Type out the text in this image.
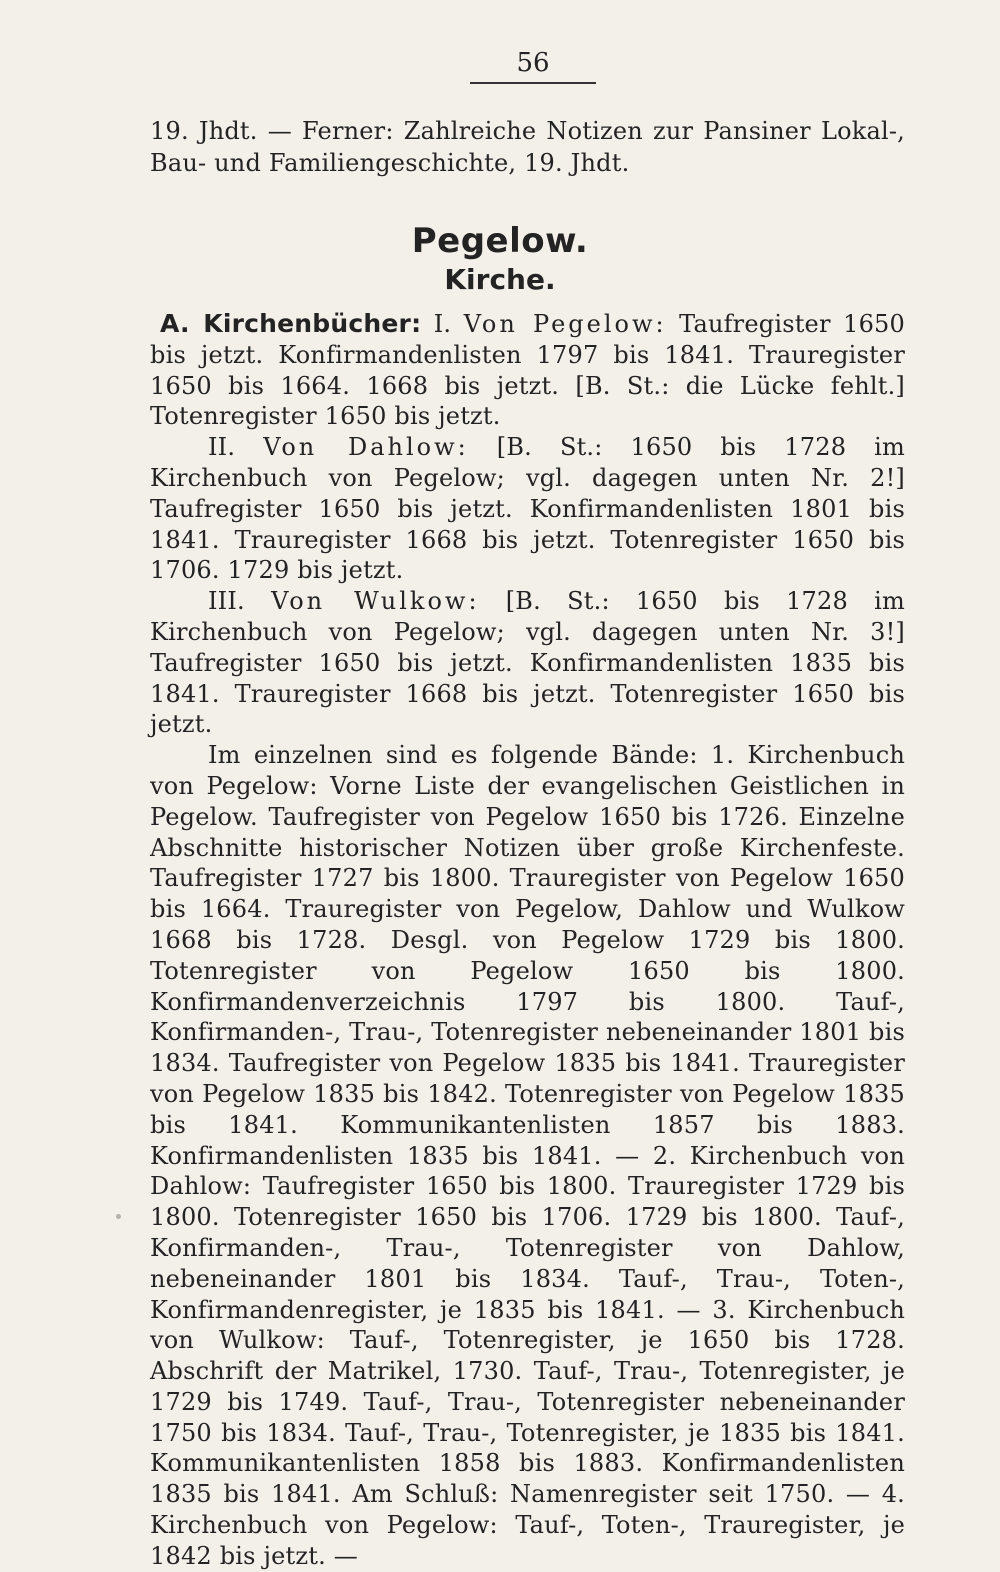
56

19. Jhdt. — Ferner: Zahlreiche Notizen zur Pansiner Lokal-, Bau- und Familiengeschichte, 19. Jhdt.

Pegelow.
Kirche.

A. Kirchenbücher: I. Von Pegelow: Taufregister 1650 bis jetzt. Konfirmandenlisten 1797 bis 1841. Trauregister 1650 bis 1664. 1668 bis jetzt. [B. St.: die Lücke fehlt.] Totenregister 1650 bis jetzt.

II. Von Dahlow: [B. St.: 1650 bis 1728 im Kirchenbuch von Pegelow; vgl. dagegen unten Nr. 2!] Taufregister 1650 bis jetzt. Konfirmandenlisten 1801 bis 1841. Trauregister 1668 bis jetzt. Totenregister 1650 bis 1706. 1729 bis jetzt.

III. Von Wulkow: [B. St.: 1650 bis 1728 im Kirchenbuch von Pegelow; vgl. dagegen unten Nr. 3!] Taufregister 1650 bis jetzt. Konfirmandenlisten 1835 bis 1841. Trauregister 1668 bis jetzt. Totenregister 1650 bis jetzt.

Im einzelnen sind es folgende Bände: 1. Kirchenbuch von Pegelow: Vorne Liste der evangelischen Geistlichen in Pegelow. Taufregister von Pegelow 1650 bis 1726. Einzelne Abschnitte historischer Notizen über große Kirchenfeste. Taufregister 1727 bis 1800. Trauregister von Pegelow 1650 bis 1664. Trauregister von Pegelow, Dahlow und Wulkow 1668 bis 1728. Desgl. von Pegelow 1729 bis 1800. Totenregister von Pegelow 1650 bis 1800. Konfirmandenverzeichnis 1797 bis 1800. Tauf-, Konfirmanden-, Trau-, Totenregister nebeneinander 1801 bis 1834. Taufregister von Pegelow 1835 bis 1841. Trauregister von Pegelow 1835 bis 1842. Totenregister von Pegelow 1835 bis 1841. Kommunikantenlisten 1857 bis 1883. Konfirmandenlisten 1835 bis 1841. — 2. Kirchenbuch von Dahlow: Taufregister 1650 bis 1800. Trauregister 1729 bis 1800. Totenregister 1650 bis 1706. 1729 bis 1800. Tauf-, Konfirmanden-, Trau-, Totenregister von Dahlow, nebeneinander 1801 bis 1834. Tauf-, Trau-, Toten-, Konfirmandenregister, je 1835 bis 1841. — 3. Kirchenbuch von Wulkow: Tauf-, Totenregister, je 1650 bis 1728. Abschrift der Matrikel, 1730. Tauf-, Trau-, Totenregister, je 1729 bis 1749. Tauf-, Trau-, Totenregister nebeneinander 1750 bis 1834. Tauf-, Trau-, Totenregister, je 1835 bis 1841. Kommunikantenlisten 1858 bis 1883. Konfirmandenlisten 1835 bis 1841. Am Schluß: Namenregister seit 1750. — 4. Kirchenbuch von Pegelow: Tauf-, Toten-, Trauregister, je 1842 bis jetzt. —
